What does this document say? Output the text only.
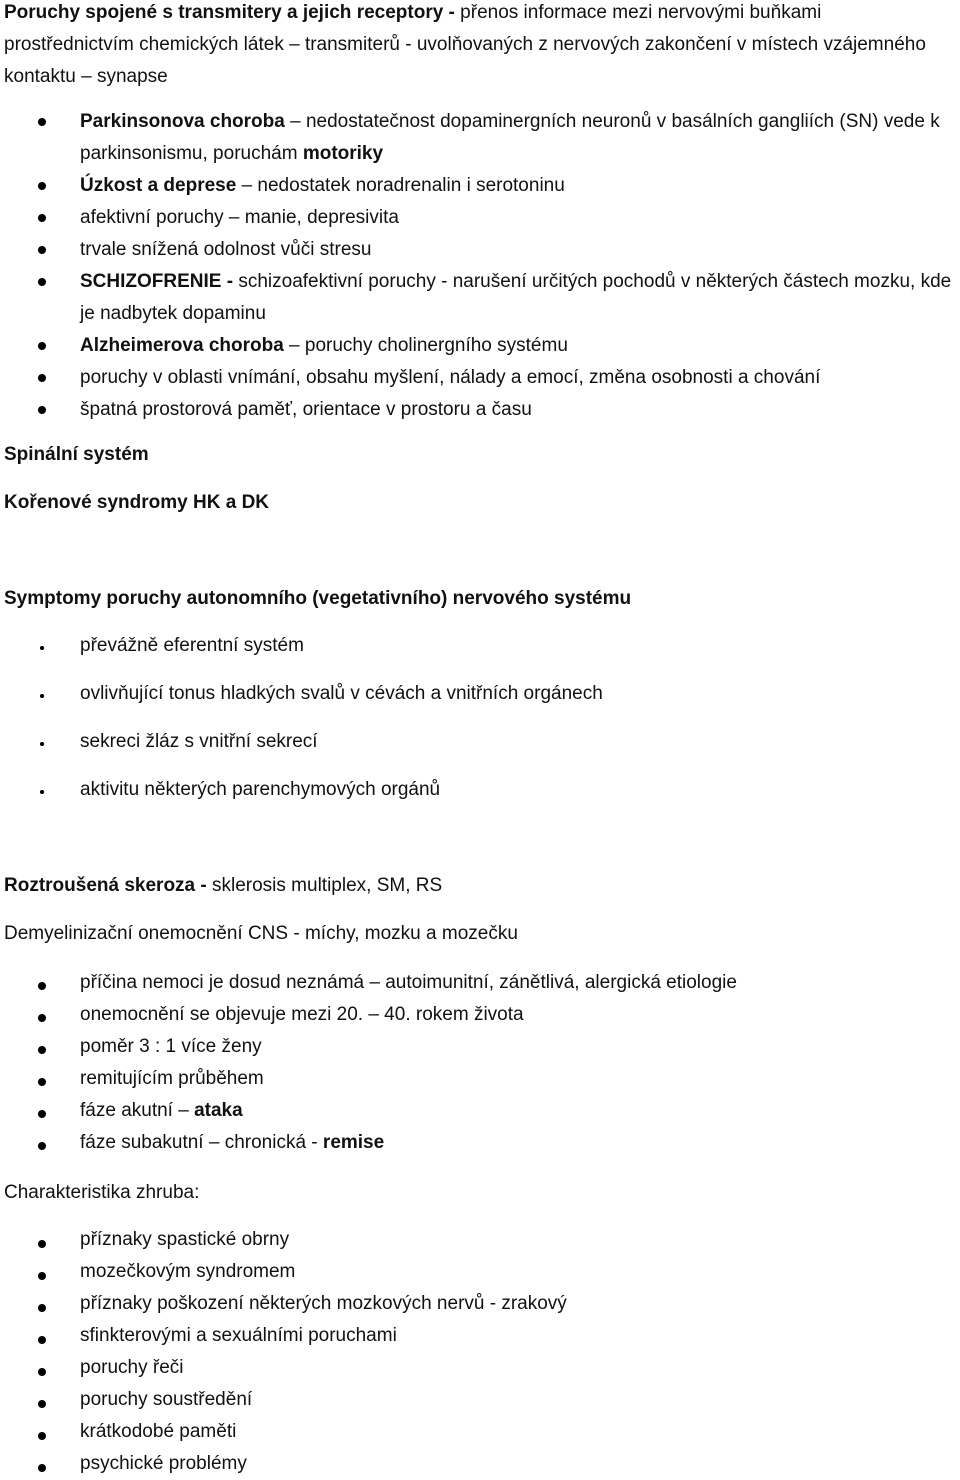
Poruchy spojené s transmitery a jejich receptory - přenos informace mezi nervovými buňkami prostřednictvím chemických látek – transmiterů - uvolňovaných z nervových zakončení v místech vzájemného kontaktu – synapse
Parkinsonova choroba – nedostatečnost dopaminergních neuronů v basálních gangliích (SN) vede k parkinsonismu, poruchám motoriky
Úzkost a deprese – nedostatek noradrenalin i serotoninu
afektivní poruchy – manie, depresivita
trvale snížená odolnost vůči stresu
SCHIZOFRENIE - schizoafektivní poruchy - narušení určitých pochodů v některých částech mozku, kde je nadbytek dopaminu
Alzheimerova choroba – poruchy cholinergního systému
poruchy v oblasti vnímání, obsahu myšlení, nálady a emocí, změna osobnosti a chování
špatná prostorová paměť, orientace v prostoru a času
Spinální systém
Kořenové syndromy HK a DK
Symptomy poruchy autonomního (vegetativního) nervového systému
převážně eferentní systém
ovlivňující tonus hladkých svalů v cévách a vnitřních orgánech
sekreci žláz s vnitřní sekrecí
aktivitu některých parenchymových orgánů
Roztroušená skeroza - sklerosis multiplex, SM, RS
Demyelinizační onemocnění CNS - míchy, mozku a mozečku
příčina nemoci je dosud neznámá – autoimunitní, zánětlivá, alergická etiologie
onemocnění se objevuje mezi 20. – 40. rokem života
poměr 3 : 1 více ženy
remitujícím průběhem
fáze akutní – ataka
fáze subakutní – chronická - remise
Charakteristika zhruba:
příznaky spastické obrny
mozečkovým syndromem
příznaky poškození některých mozkových nervů - zrakový
sfinkterovými a sexuálními poruchami
poruchy řeči
poruchy soustředění
krátkodobé paměti
psychické problémy
